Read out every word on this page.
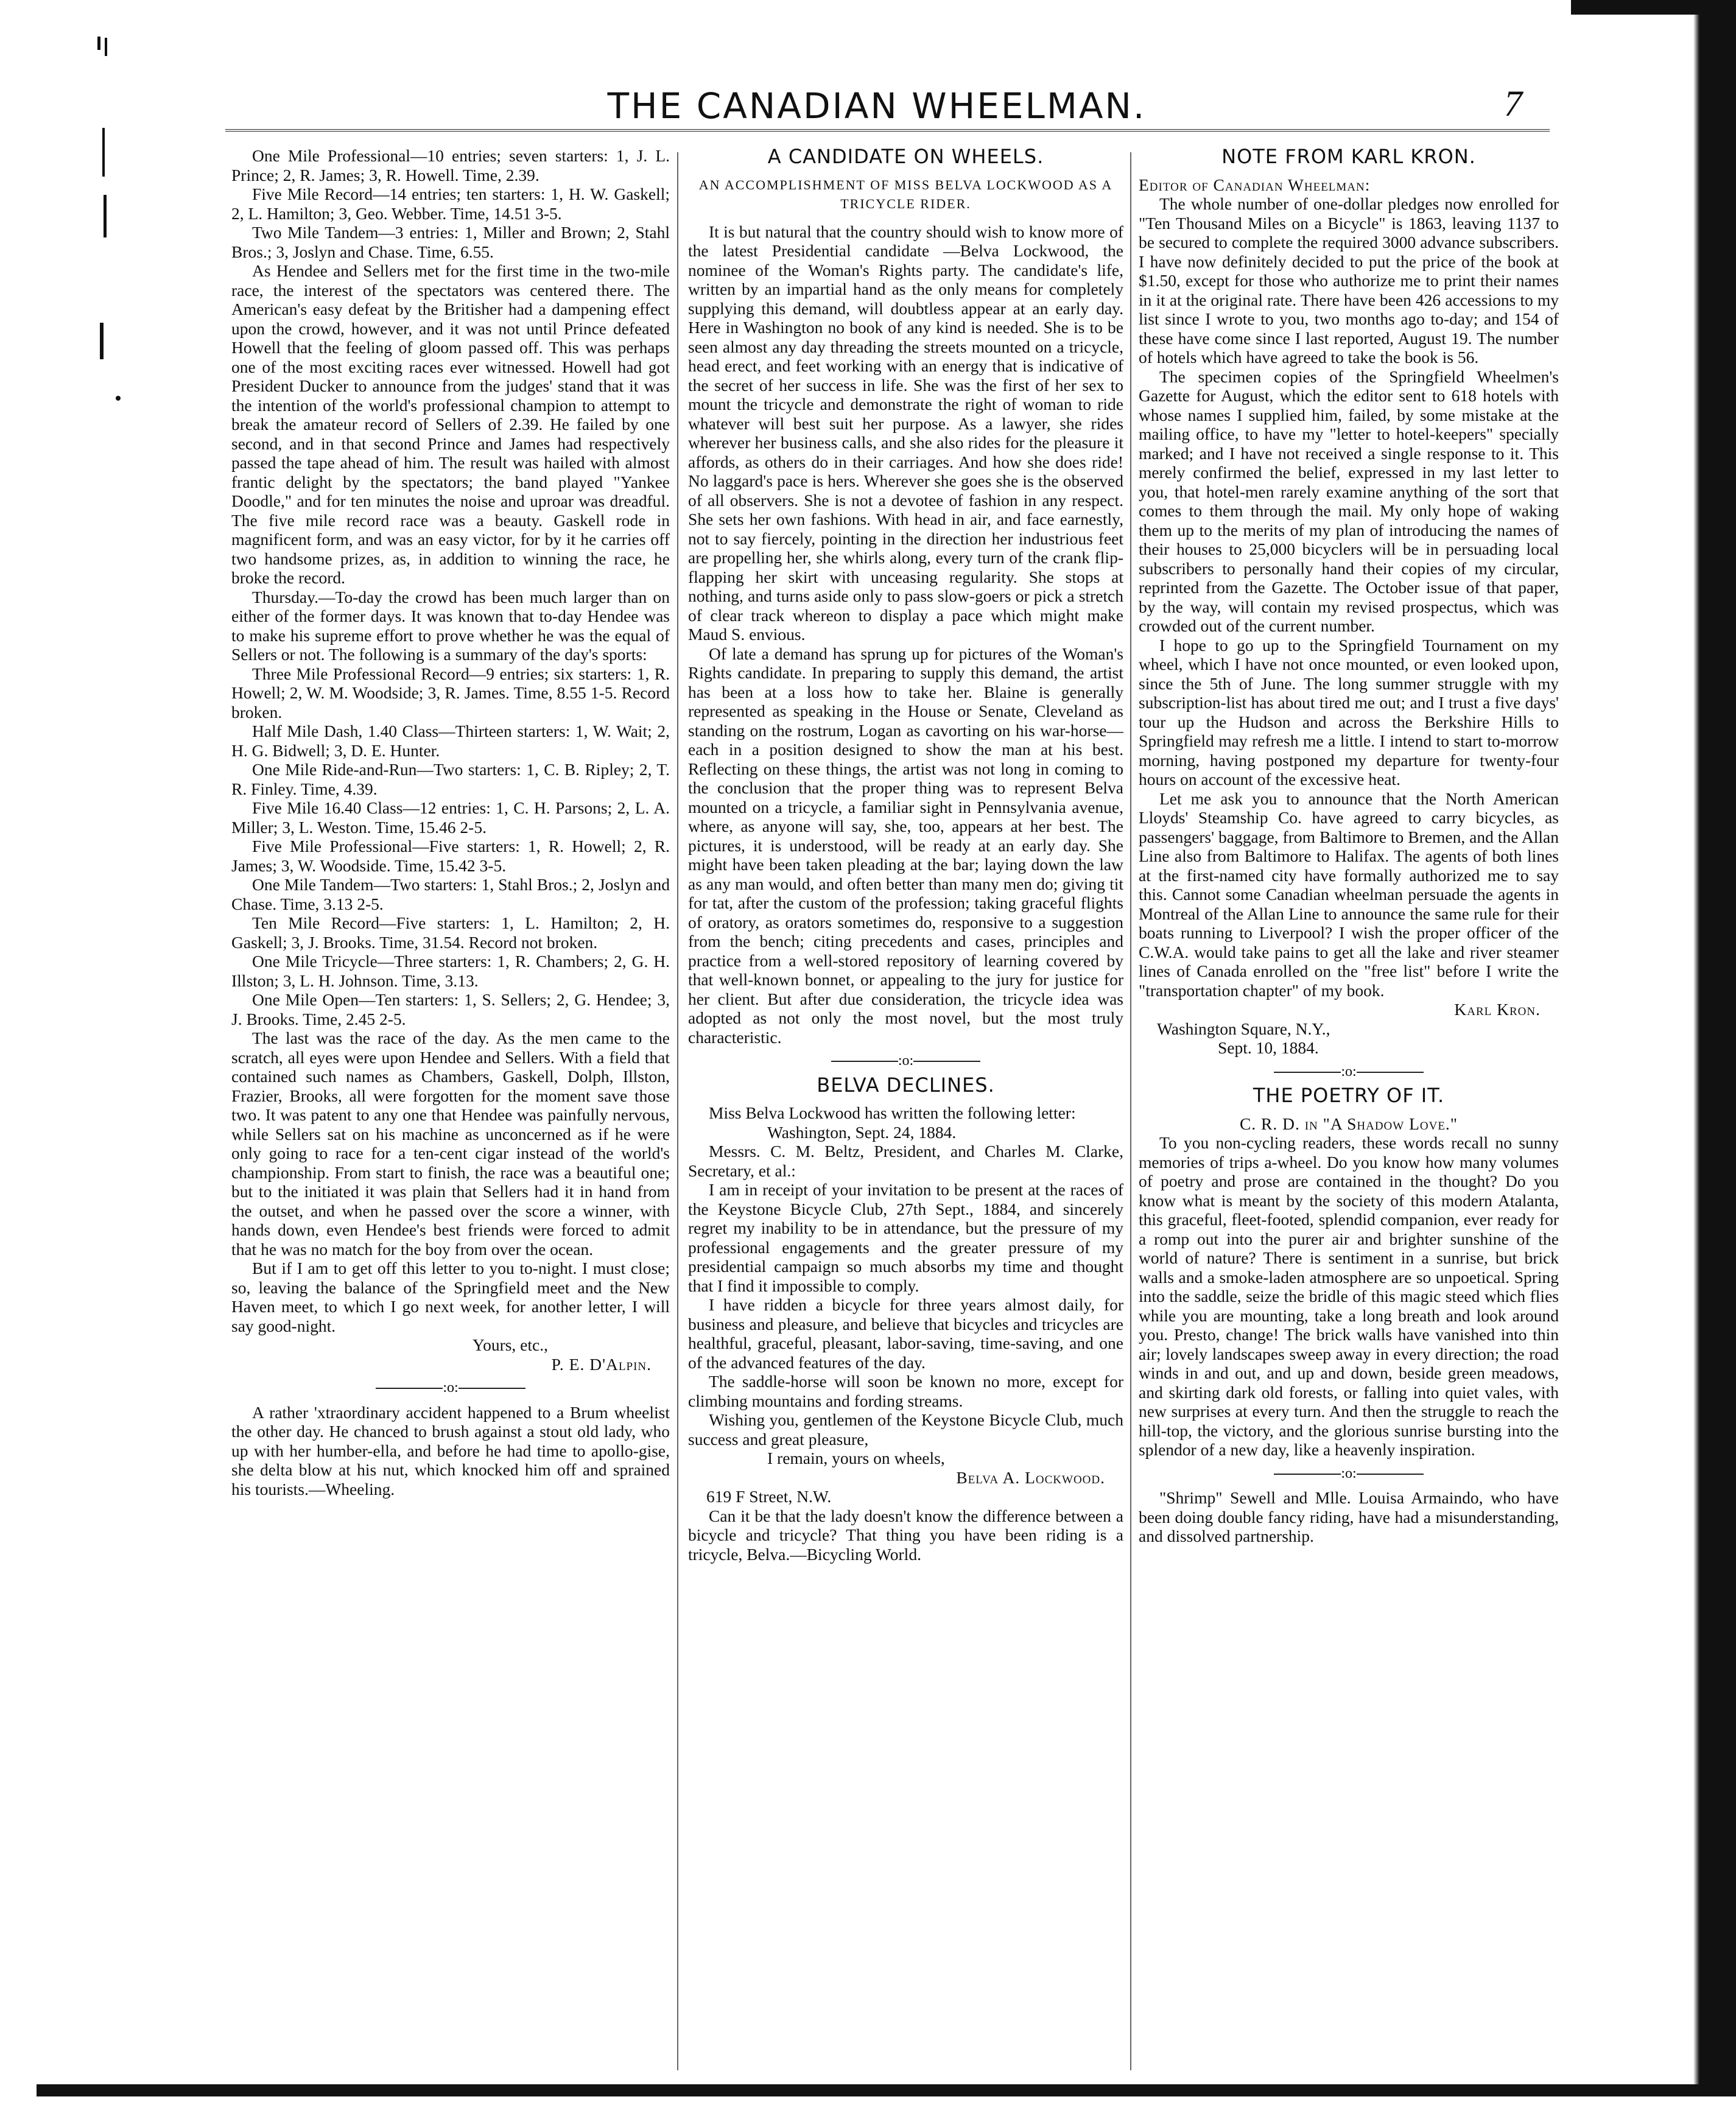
THE CANADIAN WHEELMAN.	7

One Mile Professional—10 entries; seven starters: 1, J. L. Prince; 2, R. James; 3, R. Howell. Time, 2.39.

Five Mile Record—14 entries; ten starters: 1, H. W. Gaskell; 2, L. Hamilton; 3, Geo. Webber. Time, 14.51 3-5.

Two Mile Tandem—3 entries: 1, Miller and Brown; 2, Stahl Bros.; 3, Joslyn and Chase. Time, 6.55.

As Hendee and Sellers met for the first time in the two-mile race, the interest of the spectators was centered there. The American's easy defeat by the Britisher had a dampening effect upon the crowd, however, and it was not until Prince defeated Howell that the feeling of gloom passed off. This was perhaps one of the most exciting races ever witnessed. Howell had got President Ducker to announce from the judges' stand that it was the intention of the world's professional champion to attempt to break the amateur record of Sellers of 2.39. He failed by one second, and in that second Prince and James had respectively passed the tape ahead of him. The result was hailed with almost frantic delight by the spectators; the band played "Yankee Doodle," and for ten minutes the noise and uproar was dreadful. The five mile record race was a beauty. Gaskell rode in magnificent form, and was an easy victor, for by it he carries off two handsome prizes, as, in addition to winning the race, he broke the record.

Thursday.—To-day the crowd has been much larger than on either of the former days. It was known that to-day Hendee was to make his supreme effort to prove whether he was the equal of Sellers or not. The following is a summary of the day's sports:

Three Mile Professional Record—9 entries; six starters: 1, R. Howell; 2, W. M. Woodside; 3, R. James. Time, 8.55 1-5. Record broken.

Half Mile Dash, 1.40 Class—Thirteen starters: 1, W. Wait; 2, H. G. Bidwell; 3, D. E. Hunter.

One Mile Ride-and-Run—Two starters: 1, C. B. Ripley; 2, T. R. Finley. Time, 4.39.

Five Mile 16.40 Class—12 entries: 1, C. H. Parsons; 2, L. A. Miller; 3, L. Weston. Time, 15.46 2-5.

Five Mile Professional—Five starters: 1, R. Howell; 2, R. James; 3, W. Woodside. Time, 15.42 3-5.

One Mile Tandem—Two starters: 1, Stahl Bros.; 2, Joslyn and Chase. Time, 3.13 2-5.

Ten Mile Record—Five starters: 1, L. Hamilton; 2, H. Gaskell; 3, J. Brooks. Time, 31.54. Record not broken.

One Mile Tricycle—Three starters: 1, R. Chambers; 2, G. H. Illston; 3, L. H. Johnson. Time, 3.13.

One Mile Open—Ten starters: 1, S. Sellers; 2, G. Hendee; 3, J. Brooks. Time, 2.45 2-5.

The last was the race of the day. As the men came to the scratch, all eyes were upon Hendee and Sellers. With a field that contained such names as Chambers, Gaskell, Dolph, Illston, Frazier, Brooks, all were forgotten for the moment save those two. It was patent to any one that Hendee was painfully nervous, while Sellers sat on his machine as unconcerned as if he were only going to race for a ten-cent cigar instead of the world's championship. From start to finish, the race was a beautiful one; but to the initiated it was plain that Sellers had it in hand from the outset, and when he passed over the score a winner, with hands down, even Hendee's best friends were forced to admit that he was no match for the boy from over the ocean.

But if I am to get off this letter to you to-night. I must close; so, leaving the balance of the Springfield meet and the New Haven meet, to which I go next week, for another letter, I will say good-night.

Yours, etc.,

P. E. D'Alpin.

:o:

A rather 'xtraordinary accident happened to a Brum wheelist the other day. He chanced to brush against a stout old lady, who up with her humber-ella, and before he had time to apollo-gise, she delta blow at his nut, which knocked him off and sprained his tourists.—Wheeling.

A CANDIDATE ON WHEELS.
AN ACCOMPLISHMENT OF MISS BELVA LOCKWOOD AS A TRICYCLE RIDER.

It is but natural that the country should wish to know more of the latest Presidential candidate —Belva Lockwood, the nominee of the Woman's Rights party. The candidate's life, written by an impartial hand as the only means for completely supplying this demand, will doubtless appear at an early day. Here in Washington no book of any kind is needed. She is to be seen almost any day threading the streets mounted on a tricycle, head erect, and feet working with an energy that is indicative of the secret of her success in life. She was the first of her sex to mount the tricycle and demonstrate the right of woman to ride whatever will best suit her purpose. As a lawyer, she rides wherever her business calls, and she also rides for the pleasure it affords, as others do in their carriages. And how she does ride! No laggard's pace is hers. Wherever she goes she is the observed of all observers. She is not a devotee of fashion in any respect. She sets her own fashions. With head in air, and face earnestly, not to say fiercely, pointing in the direction her industrious feet are propelling her, she whirls along, every turn of the crank flip-flapping her skirt with unceasing regularity. She stops at nothing, and turns aside only to pass slow-goers or pick a stretch of clear track whereon to display a pace which might make Maud S. envious.

Of late a demand has sprung up for pictures of the Woman's Rights candidate. In preparing to supply this demand, the artist has been at a loss how to take her. Blaine is generally represented as speaking in the House or Senate, Cleveland as standing on the rostrum, Logan as cavorting on his war-horse—each in a position designed to show the man at his best. Reflecting on these things, the artist was not long in coming to the conclusion that the proper thing was to represent Belva mounted on a tricycle, a familiar sight in Pennsylvania avenue, where, as anyone will say, she, too, appears at her best. The pictures, it is understood, will be ready at an early day. She might have been taken pleading at the bar; laying down the law as any man would, and often better than many men do; giving tit for tat, after the custom of the profession; taking graceful flights of oratory, as orators sometimes do, responsive to a suggestion from the bench; citing precedents and cases, principles and practice from a well-stored repository of learning covered by that well-known bonnet, or appealing to the jury for justice for her client. But after due consideration, the tricycle idea was adopted as not only the most novel, but the most truly characteristic.

:o:
BELVA DECLINES.

Miss Belva Lockwood has written the following letter:

Washington, Sept. 24, 1884.

Messrs. C. M. Beltz, President, and Charles M. Clarke, Secretary, et al.:

I am in receipt of your invitation to be present at the races of the Keystone Bicycle Club, 27th Sept., 1884, and sincerely regret my inability to be in attendance, but the pressure of my professional engagements and the greater pressure of my presidential campaign so much absorbs my time and thought that I find it impossible to comply.

I have ridden a bicycle for three years almost daily, for business and pleasure, and believe that bicycles and tricycles are healthful, graceful, pleasant, labor-saving, time-saving, and one of the advanced features of the day.

The saddle-horse will soon be known no more, except for climbing mountains and fording streams.

Wishing you, gentlemen of the Keystone Bicycle Club, much success and great pleasure,

I remain, yours on wheels,

Belva A. Lockwood.

619 F Street, N.W.

Can it be that the lady doesn't know the difference between a bicycle and tricycle? That thing you have been riding is a tricycle, Belva.—Bicycling World.

NOTE FROM KARL KRON.

Editor of Canadian Wheelman:

The whole number of one-dollar pledges now enrolled for "Ten Thousand Miles on a Bicycle" is 1863, leaving 1137 to be secured to complete the required 3000 advance subscribers. I have now definitely decided to put the price of the book at $1.50, except for those who authorize me to print their names in it at the original rate. There have been 426 accessions to my list since I wrote to you, two months ago to-day; and 154 of these have come since I last reported, August 19. The number of hotels which have agreed to take the book is 56.

The specimen copies of the Springfield Wheelmen's Gazette for August, which the editor sent to 618 hotels with whose names I supplied him, failed, by some mistake at the mailing office, to have my "letter to hotel-keepers" specially marked; and I have not received a single response to it. This merely confirmed the belief, expressed in my last letter to you, that hotel-men rarely examine anything of the sort that comes to them through the mail. My only hope of waking them up to the merits of my plan of introducing the names of their houses to 25,000 bicyclers will be in persuading local subscribers to personally hand their copies of my circular, reprinted from the Gazette. The October issue of that paper, by the way, will contain my revised prospectus, which was crowded out of the current number.

I hope to go up to the Springfield Tournament on my wheel, which I have not once mounted, or even looked upon, since the 5th of June. The long summer struggle with my subscription-list has about tired me out; and I trust a five days' tour up the Hudson and across the Berkshire Hills to Springfield may refresh me a little. I intend to start to-morrow morning, having postponed my departure for twenty-four hours on account of the excessive heat.

Let me ask you to announce that the North American Lloyds' Steamship Co. have agreed to carry bicycles, as passengers' baggage, from Baltimore to Bremen, and the Allan Line also from Baltimore to Halifax. The agents of both lines at the first-named city have formally authorized me to say this. Cannot some Canadian wheelman persuade the agents in Montreal of the Allan Line to announce the same rule for their boats running to Liverpool? I wish the proper officer of the C.W.A. would take pains to get all the lake and river steamer lines of Canada enrolled on the "free list" before I write the "transportation chapter" of my book.

Karl Kron.

Washington Square, N.Y.,

Sept. 10, 1884.

:o:
THE POETRY OF IT.

C. R. D. in "A Shadow Love."

To you non-cycling readers, these words recall no sunny memories of trips a-wheel. Do you know how many volumes of poetry and prose are contained in the thought? Do you know what is meant by the society of this modern Atalanta, this graceful, fleet-footed, splendid companion, ever ready for a romp out into the purer air and brighter sunshine of the world of nature? There is sentiment in a sunrise, but brick walls and a smoke-laden atmosphere are so unpoetical. Spring into the saddle, seize the bridle of this magic steed which flies while you are mounting, take a long breath and look around you. Presto, change! The brick walls have vanished into thin air; lovely landscapes sweep away in every direction; the road winds in and out, and up and down, beside green meadows, and skirting dark old forests, or falling into quiet vales, with new surprises at every turn. And then the struggle to reach the hill-top, the victory, and the glorious sunrise bursting into the splendor of a new day, like a heavenly inspiration.

:o:

"Shrimp" Sewell and Mlle. Louisa Armaindo, who have been doing double fancy riding, have had a misunderstanding, and dissolved partnership.
